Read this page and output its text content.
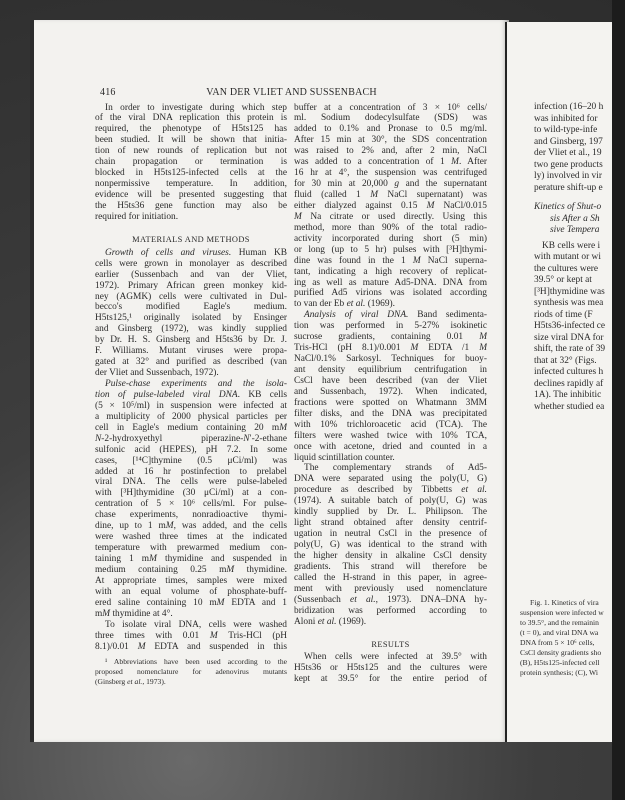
416	VAN DER VLIET AND SUSSENBACH
In order to investigate during which step
of the viral DNA replication this protein is
required, the phenotype of H5ts125 has
been studied. It will be shown that initia-
tion of new rounds of replication but not
chain propagation or termination is
blocked in H5ts125-infected cells at the
nonpermissive temperature. In addition,
evidence will be presented suggesting that
the H5ts36 gene function may also be
required for initiation.
MATERIALS AND METHODS
Growth of cells and viruses. Human KB
cells were grown in monolayer as described
earlier (Sussenbach and van der Vliet,
1972). Primary African green monkey kid-
ney (AGMK) cells were cultivated in Dul-
becco's modified Eagle's medium.
H5ts125,¹ originally isolated by Ensinger
and Ginsberg (1972), was kindly supplied
by Dr. H. S. Ginsberg and H5ts36 by Dr. J.
F. Williams. Mutant viruses were propa-
gated at 32° and purified as described (van
der Vliet and Sussenbach, 1972).
Pulse-chase experiments and the isola-
tion of pulse-labeled viral DNA. KB cells
(5 × 10⁵/ml) in suspension were infected at
a multiplicity of 2000 physical particles per
cell in Eagle's medium containing 20 mM
N-2-hydroxyethyl piperazine-N′-2-ethane
sulfonic acid (HEPES), pH 7.2. In some
cases, [¹⁴C]thymine (0.5 μCi/ml) was
added at 16 hr postinfection to prelabel
viral DNA. The cells were pulse-labeled
with [³H]thymidine (30 μCi/ml) at a con-
centration of 5 × 10⁶ cells/ml. For pulse-
chase experiments, nonradioactive thymi-
dine, up to 1 mM, was added, and the cells
were washed three times at the indicated
temperature with prewarmed medium con-
taining 1 mM thymidine and suspended in
medium containing 0.25 mM thymidine.
At appropriate times, samples were mixed
with an equal volume of phosphate-buff-
ered saline containing 10 mM EDTA and 1
mM thymidine at 4°.
To isolate viral DNA, cells were washed
three times with 0.01 M Tris-HCl (pH
8.1)/0.01 M EDTA and suspended in this
¹ Abbreviations have been used according to the
proposed nomenclature for adenovirus mutants
(Ginsberg et al., 1973).
buffer at a concentration of 3 × 10⁶ cells/
ml. Sodium dodecylsulfate (SDS) was
added to 0.1% and Pronase to 0.5 mg/ml.
After 15 min at 30°, the SDS concentration
was raised to 2% and, after 2 min, NaCl
was added to a concentration of 1 M. After
16 hr at 4°, the suspension was centrifuged
for 30 min at 20,000 g and the supernatant
fluid (called 1 M NaCl supernatant) was
either dialyzed against 0.15 M NaCl/0.015
M Na citrate or used directly. Using this
method, more than 90% of the total radio-
activity incorporated during short (5 min)
or long (up to 5 hr) pulses with [³H]thymi-
dine was found in the 1 M NaCl superna-
tant, indicating a high recovery of replicat-
ing as well as mature Ad5-DNA. DNA from
purified Ad5 virions was isolated according
to van der Eb et al. (1969).
Analysis of viral DNA. Band sedimenta-
tion was performed in 5-27% isokinetic
sucrose gradients, containing 0.01 M
Tris-HCl (pH 8.1)/0.001 M EDTA /1 M
NaCl/0.1% Sarkosyl. Techniques for buoy-
ant density equilibrium centrifugation in
CsCl have been described (van der Vliet
and Sussenbach, 1972). When indicated,
fractions were spotted on Whatmann 3MM
filter disks, and the DNA was precipitated
with 10% trichloroacetic acid (TCA). The
filters were washed twice with 10% TCA,
once with acetone, dried and counted in a
liquid scintillation counter.
The complementary strands of Ad5-
DNA were separated using the poly(U, G)
procedure as described by Tibbetts et al.
(1974). A suitable batch of poly(U, G) was
kindly supplied by Dr. L. Philipson. The
light strand obtained after density centrif-
ugation in neutral CsCl in the presence of
poly(U, G) was identical to the strand with
the higher density in alkaline CsCl density
gradients. This strand will therefore be
called the H-strand in this paper, in agree-
ment with previously used nomenclature
(Sussenbach et al., 1973). DNA–DNA hy-
bridization was performed according to
Aloni et al. (1969).
RESULTS
When cells were infected at 39.5° with
H5ts36 or H5ts125 and the cultures were
kept at 39.5° for the entire period of
infection (16–20 h
was inhibited for
to wild-type-infe
and Ginsberg, 197
der Vliet et al., 19
two gene products
ly) involved in vir
perature shift-up e
Kinetics of Shut-o
sis After a Sh
sive Tempera
KB cells were i
with mutant or wi
the cultures were
39.5° or kept at
[³H]thymidine was
synthesis was mea
riods of time (F
H5ts36-infected ce
size viral DNA for
shift, the rate of 39
that at 32° (Figs.
infected cultures h
declines rapidly af
1A). The inhibitic
whether studied ea
Fig. 1. Kinetics of vira
suspension were infected w
to 39.5°, and the remainin
(t = 0), and viral DNA wa
DNA from 5 × 10⁶ cells,
CsCl density gradients sho
(B), H5ts125-infected cell
protein synthesis; (C), Wi
